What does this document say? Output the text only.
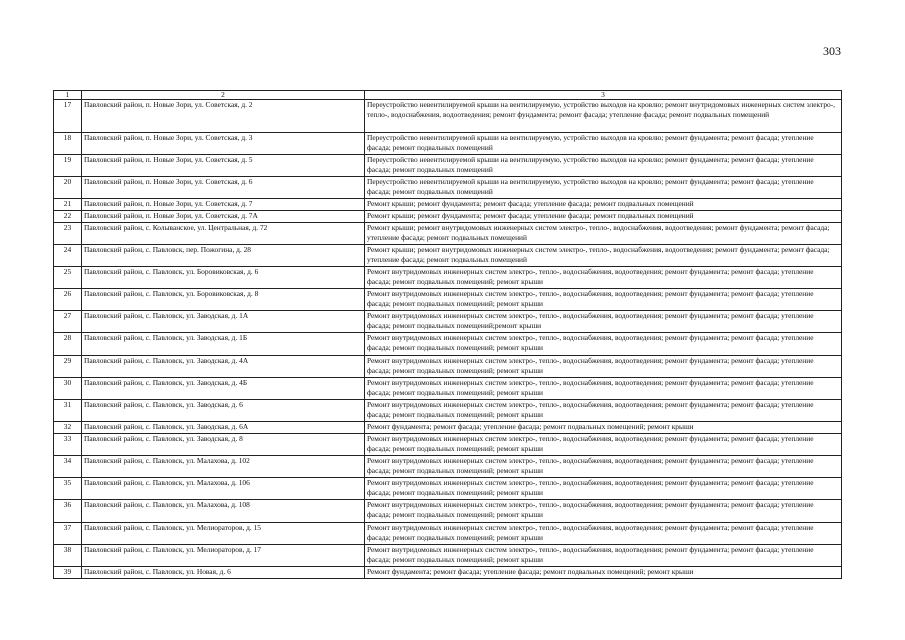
303
1	2	3
17	Павловский район, п. Новые Зори, ул. Советская, д. 2	Переустройство невентилируемой крыши на вентилируемую, устройство выходов на кровлю; ремонт внутридомовых инженерных систем электро-, тепло-, водоснабжения, водоотведения; ремонт фундамента; ремонт фасада; утепление фасада; ремонт подвальных помещений
18	Павловский район, п. Новые Зори, ул. Советская, д. 3	Переустройство невентилируемой крыши на вентилируемую, устройство выходов на кровлю; ремонт фундамента; ремонт фасада; утепление фасада; ремонт подвальных помещений
19	Павловский район, п. Новые Зори, ул. Советская, д. 5	Переустройство невентилируемой крыши на вентилируемую, устройство выходов на кровлю; ремонт фундамента; ремонт фасада; утепление фасада; ремонт подвальных помещений
20	Павловский район, п. Новые Зори, ул. Советская, д. 6	Переустройство невентилируемой крыши на вентилируемую, устройство выходов на кровлю; ремонт фундамента; ремонт фасада; утепление фасада; ремонт подвальных помещений
21	Павловский район, п. Новые Зори, ул. Советская, д. 7	Ремонт крыши; ремонт фундамента; ремонт фасада; утепление фасада; ремонт подвальных помещений
22	Павловский район, п. Новые Зори, ул. Советская, д. 7А	Ремонт крыши; ремонт фундамента; ремонт фасада; утепление фасада; ремонт подвальных помещений
23	Павловский район, с. Колыванское, ул. Центральная, д. 72	Ремонт крыши; ремонт внутридомовых инженерных систем электро-, тепло-, водоснабжения, водоотведения; ремонт фундамента; ремонт фасада; утепление фасада; ремонт подвальных помещений
24	Павловский район, с. Павловск, пер. Пожогина, д. 28	Ремонт крыши; ремонт внутридомовых инженерных систем электро-, тепло-, водоснабжения, водоотведения; ремонт фундамента; ремонт фасада; утепление фасада; ремонт подвальных помещений
25	Павловский район, с. Павловск, ул. Боровиковская, д. 6	Ремонт внутридомовых инженерных систем электро-, тепло-, водоснабжения, водоотведения; ремонт фундамента; ремонт фасада; утепление фасада; ремонт подвальных помещений; ремонт крыши
26	Павловский район, с. Павловск, ул. Боровиковская, д. 8	Ремонт внутридомовых инженерных систем электро-, тепло-, водоснабжения, водоотведения; ремонт фундамента; ремонт фасада; утепление фасада; ремонт подвальных помещений; ремонт крыши
27	Павловский район, с. Павловск, ул. Заводская, д. 1А	Ремонт внутридомовых инженерных систем электро-, тепло-, водоснабжения, водоотведения; ремонт фундамента; ремонт фасада; утепление фасада; ремонт подвальных помещений;ремонт крыши
28	Павловский район, с. Павловск, ул. Заводская, д. 1Б	Ремонт внутридомовых инженерных систем электро-, тепло-, водоснабжения, водоотведения; ремонт фундамента; ремонт фасада; утепление фасада; ремонт подвальных помещений; ремонт крыши
29	Павловский район, с. Павловск, ул. Заводская, д. 4А	Ремонт внутридомовых инженерных систем электро-, тепло-, водоснабжения, водоотведения; ремонт фундамента; ремонт фасада; утепление фасада; ремонт подвальных помещений; ремонт крыши
30	Павловский район, с. Павловск, ул. Заводская, д. 4Б	Ремонт внутридомовых инженерных систем электро-, тепло-, водоснабжения, водоотведения; ремонт фундамента; ремонт фасада; утепление фасада; ремонт подвальных помещений; ремонт крыши
31	Павловский район, с. Павловск, ул. Заводская, д. 6	Ремонт внутридомовых инженерных систем электро-, тепло-, водоснабжения, водоотведения; ремонт фундамента; ремонт фасада; утепление фасада; ремонт подвальных помещений; ремонт крыши
32	Павловский район, с. Павловск, ул. Заводская, д. 6А	Ремонт фундамента; ремонт фасада; утепление фасада; ремонт подвальных помещений; ремонт крыши
33	Павловский район, с. Павловск, ул. Заводская, д. 8	Ремонт внутридомовых инженерных систем электро-, тепло-, водоснабжения, водоотведения; ремонт фундамента; ремонт фасада; утепление фасада; ремонт подвальных помещений; ремонт крыши
34	Павловский район, с. Павловск, ул. Малахова, д. 102	Ремонт внутридомовых инженерных систем электро-, тепло-, водоснабжения, водоотведения; ремонт фундамента; ремонт фасада; утепление фасада; ремонт подвальных помещений; ремонт крыши
35	Павловский район, с. Павловск, ул. Малахова, д. 106	Ремонт внутридомовых инженерных систем электро-, тепло-, водоснабжения, водоотведения; ремонт фундамента; ремонт фасада; утепление фасада; ремонт подвальных помещений; ремонт крыши
36	Павловский район, с. Павловск, ул. Малахова, д. 108	Ремонт внутридомовых инженерных систем электро-, тепло-, водоснабжения, водоотведения; ремонт фундамента; ремонт фасада; утепление фасада; ремонт подвальных помещений; ремонт крыши
37	Павловский район, с. Павловск, ул. Мелиораторов, д. 15	Ремонт внутридомовых инженерных систем электро-, тепло-, водоснабжения, водоотведения; ремонт фундамента; ремонт фасада; утепление фасада; ремонт подвальных помещений; ремонт крыши
38	Павловский район, с. Павловск, ул. Мелиораторов, д. 17	Ремонт внутридомовых инженерных систем электро-, тепло-, водоснабжения, водоотведения; ремонт фундамента; ремонт фасада; утепление фасада; ремонт подвальных помещений; ремонт крыши
39	Павловский район, с. Павловск, ул. Новая, д. 6	Ремонт фундамента; ремонт фасада; утепление фасада; ремонт подвальных помещений; ремонт крыши
